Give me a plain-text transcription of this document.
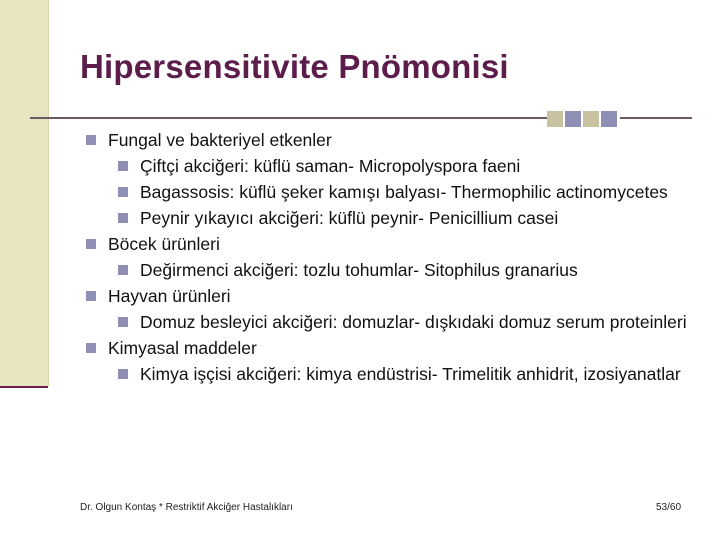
Hipersensitivite Pnömonisi
Fungal ve bakteriyel etkenler
Çiftçi akciğeri: küflü saman- Micropolyspora faeni
Bagassosis: küflü şeker kamışı balyası- Thermophilic actinomycetes
Peynir yıkayıcı akciğeri: küflü peynir- Penicillium casei
Böcek ürünleri
Değirmenci akciğeri: tozlu tohumlar- Sitophilus granarius
Hayvan ürünleri
Domuz besleyici akciğeri: domuzlar- dışkıdaki domuz serum proteinleri
Kimyasal maddeler
Kimya işçisi akciğeri: kimya endüstrisi- Trimelitik anhidrit, izosiyanatlar
Dr. Olgun Kontaş * Restriktif Akciğer Hastalıkları	53/60
